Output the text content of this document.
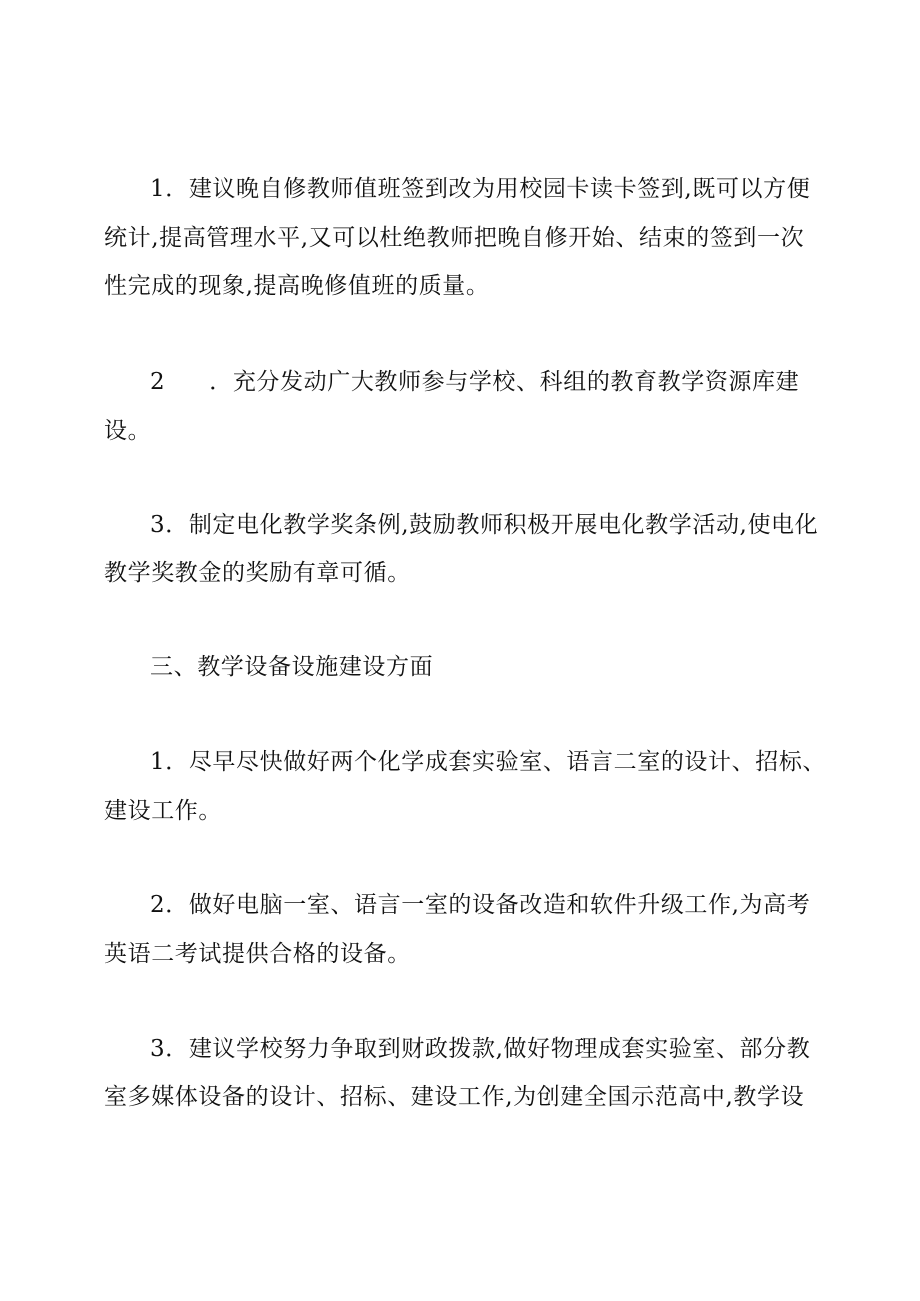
1．建议晚自修教师值班签到改为用校园卡读卡签到,既可以方便
统计,提高管理水平,又可以杜绝教师把晚自修开始、结束的签到一次
性完成的现象,提高晚修值班的质量。
2 ．充分发动广大教师参与学校、科组的教育教学资源库建
设。
3．制定电化教学奖条例,鼓励教师积极开展电化教学活动,使电化
教学奖教金的奖励有章可循。
三、教学设备设施建设方面
1．尽早尽快做好两个化学成套实验室、语言二室的设计、招标、
建设工作。
2．做好电脑一室、语言一室的设备改造和软件升级工作,为高考
英语二考试提供合格的设备。
3．建议学校努力争取到财政拨款,做好物理成套实验室、部分教
室多媒体设备的设计、招标、建设工作,为创建全国示范高中,教学设
